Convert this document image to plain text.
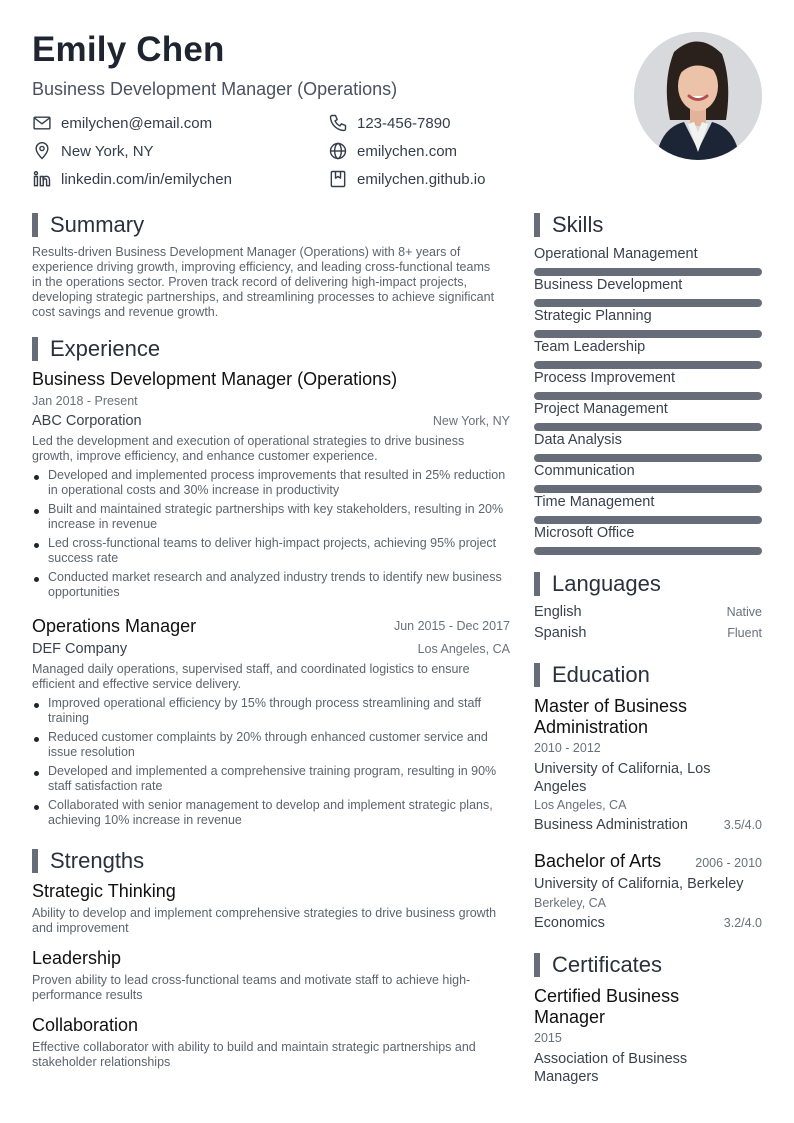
Emily Chen
Business Development Manager (Operations)
emilychen@email.com	123-456-7890
New York, NY	emilychen.com
linkedin.com/in/emilychen	emilychen.github.io
Summary
Results-driven Business Development Manager (Operations) with 8+ years of experience driving growth, improving efficiency, and leading cross-functional teams in the operations sector. Proven track record of delivering high-impact projects, developing strategic partnerships, and streamlining processes to achieve significant cost savings and revenue growth.
Experience
Business Development Manager (Operations)
Jan 2018 - Present
ABC Corporation	New York, NY
Led the development and execution of operational strategies to drive business growth, improve efficiency, and enhance customer experience.
Developed and implemented process improvements that resulted in 25% reduction in operational costs and 30% increase in productivity
Built and maintained strategic partnerships with key stakeholders, resulting in 20% increase in revenue
Led cross-functional teams to deliver high-impact projects, achieving 95% project success rate
Conducted market research and analyzed industry trends to identify new business opportunities
Operations Manager	Jun 2015 - Dec 2017
DEF Company	Los Angeles, CA
Managed daily operations, supervised staff, and coordinated logistics to ensure efficient and effective service delivery.
Improved operational efficiency by 15% through process streamlining and staff training
Reduced customer complaints by 20% through enhanced customer service and issue resolution
Developed and implemented a comprehensive training program, resulting in 90% staff satisfaction rate
Collaborated with senior management to develop and implement strategic plans, achieving 10% increase in revenue
Strengths
Strategic Thinking
Ability to develop and implement comprehensive strategies to drive business growth and improvement
Leadership
Proven ability to lead cross-functional teams and motivate staff to achieve high-performance results
Collaboration
Effective collaborator with ability to build and maintain strategic partnerships and stakeholder relationships
Skills
Operational Management
Business Development
Strategic Planning
Team Leadership
Process Improvement
Project Management
Data Analysis
Communication
Time Management
Microsoft Office
Languages
English	Native
Spanish	Fluent
Education
Master of Business Administration
2010 - 2012
University of California, Los Angeles
Los Angeles, CA
Business Administration	3.5/4.0
Bachelor of Arts	2006 - 2010
University of California, Berkeley
Berkeley, CA
Economics	3.2/4.0
Certificates
Certified Business Manager
2015
Association of Business Managers
